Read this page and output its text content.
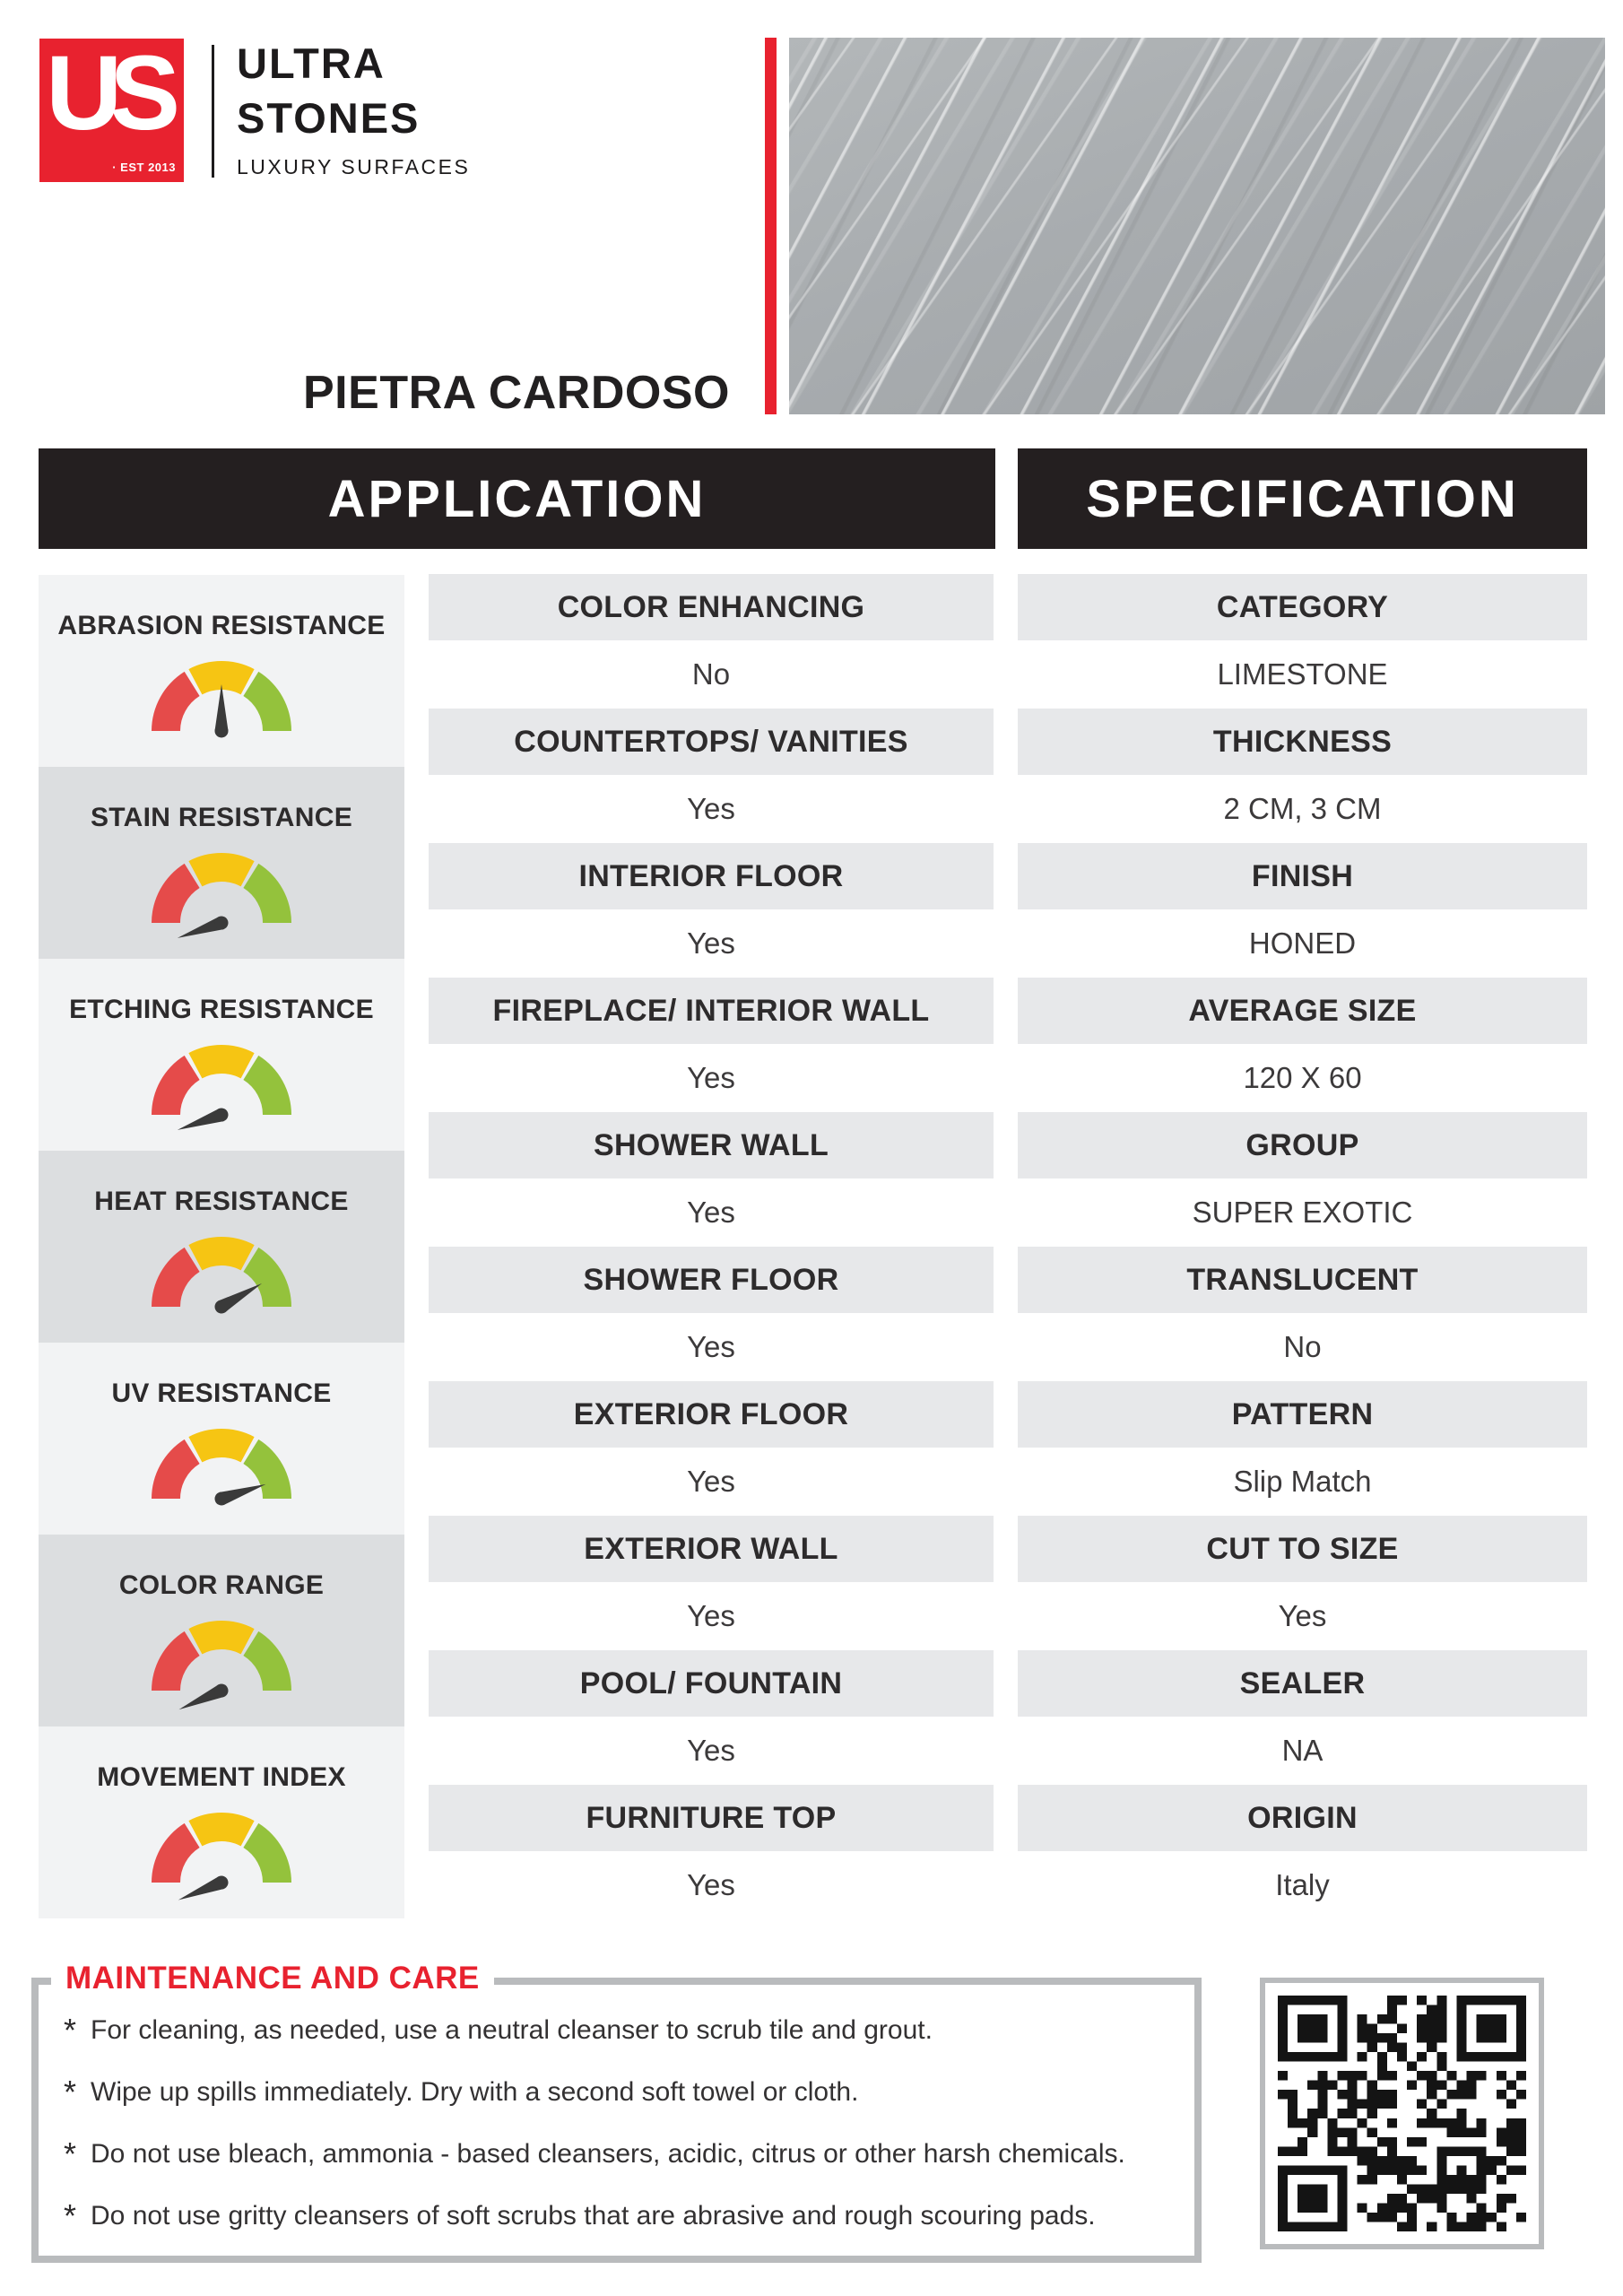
US
· EST 2013
ULTRA
STONES
LUXURY SURFACES
PIETRA CARDOSO
APPLICATION	SPECIFICATION
ABRASION RESISTANCE
STAIN RESISTANCE
ETCHING RESISTANCE
HEAT RESISTANCE
UV RESISTANCE
COLOR RANGE
MOVEMENT INDEX
COLOR ENHANCING
No
COUNTERTOPS/ VANITIES
Yes
INTERIOR FLOOR
Yes
FIREPLACE/ INTERIOR WALL
Yes
SHOWER WALL
Yes
SHOWER FLOOR
Yes
EXTERIOR FLOOR
Yes
EXTERIOR WALL
Yes
POOL/ FOUNTAIN
Yes
FURNITURE TOP
Yes
CATEGORY
LIMESTONE
THICKNESS
2 CM, 3 CM
FINISH
HONED
AVERAGE SIZE
120 X 60
GROUP
SUPER EXOTIC
TRANSLUCENT
No
PATTERN
Slip Match
CUT TO SIZE
Yes
SEALER
NA
ORIGIN
Italy
MAINTENANCE AND CARE
* For cleaning, as needed, use a neutral cleanser to scrub tile and grout.
* Wipe up spills immediately. Dry with a second soft towel or cloth.
* Do not use bleach, ammonia - based cleansers, acidic, citrus or other harsh chemicals.
* Do not use gritty cleansers of soft scrubs that are abrasive and rough scouring pads.
